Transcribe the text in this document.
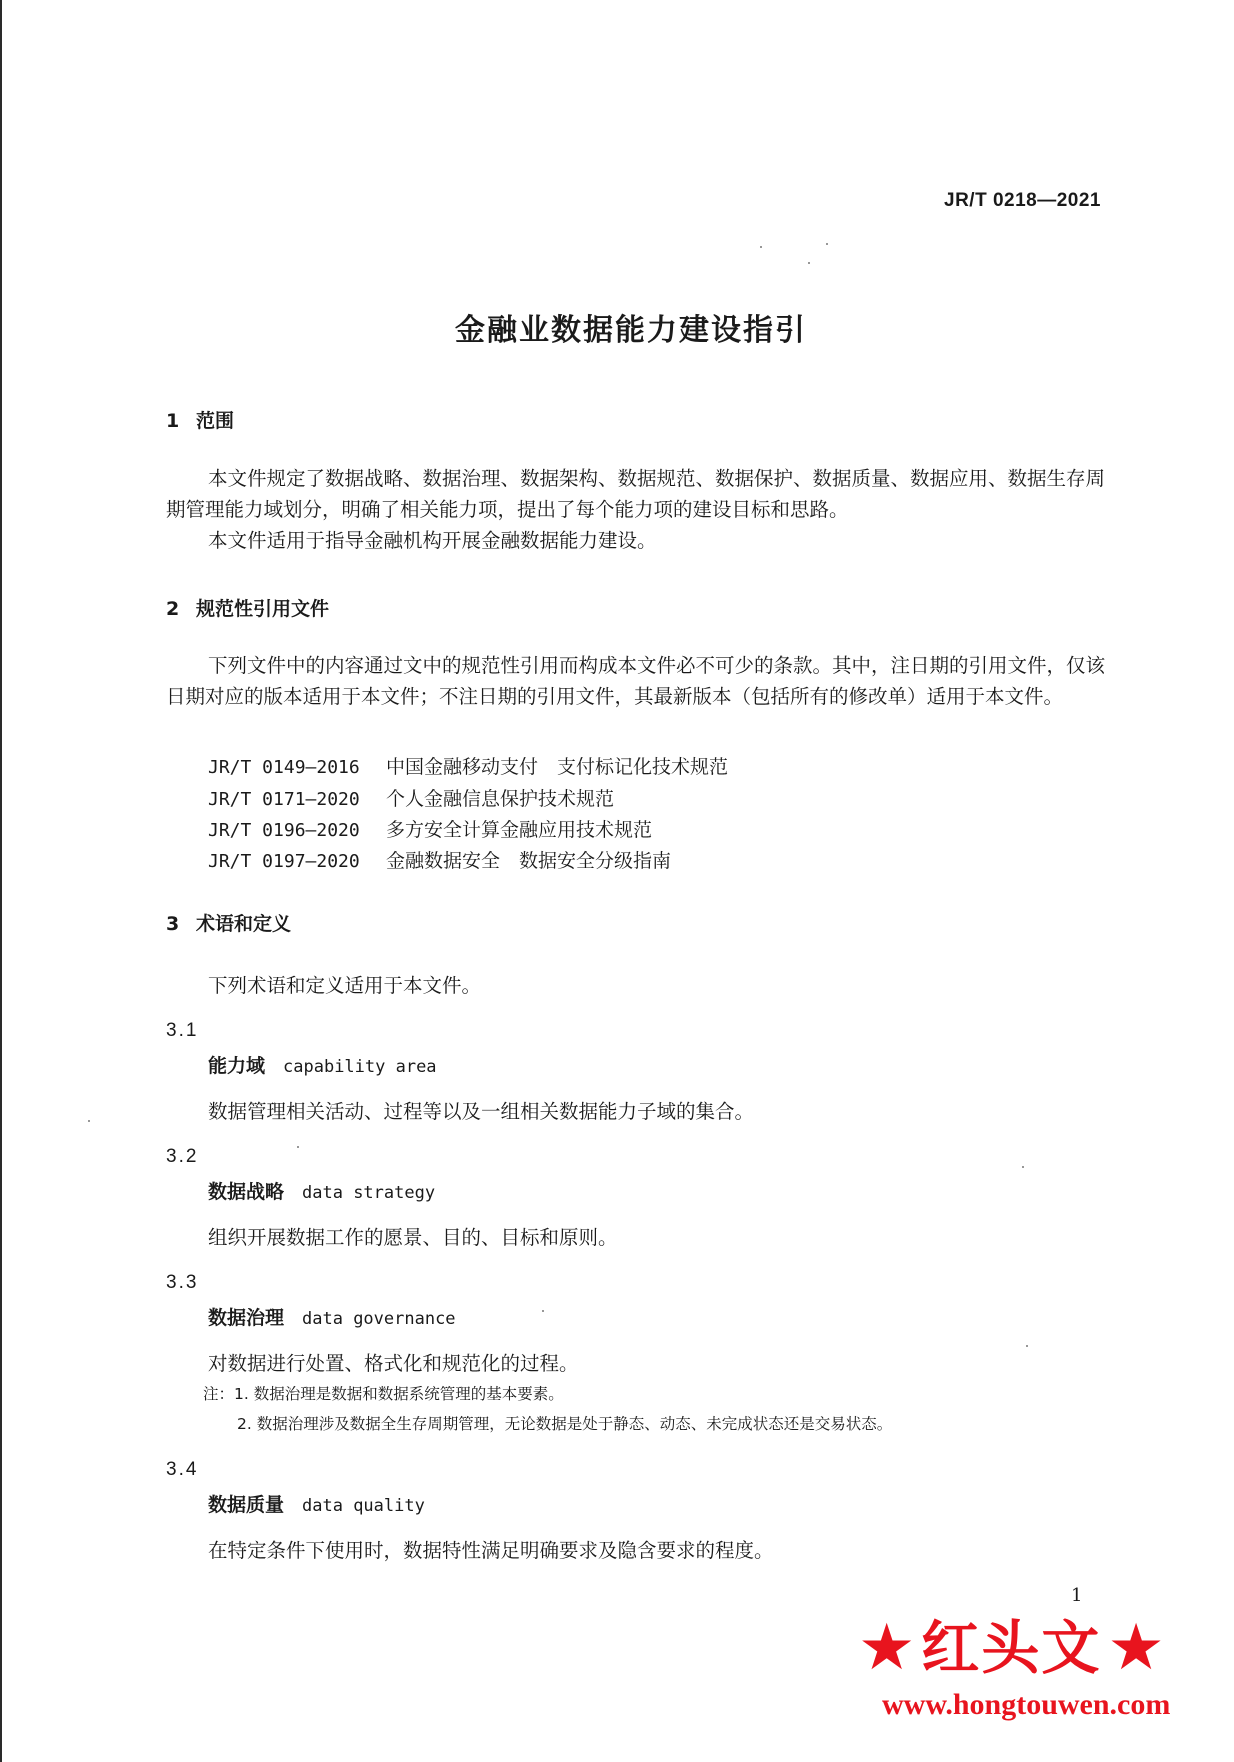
JR/T 0218—2021
金融业数据能力建设指引
1 范围
本文件规定了数据战略、数据治理、数据架构、数据规范、数据保护、数据质量、数据应用、数据生存周期管理能力域划分，明确了相关能力项，提出了每个能力项的建设目标和思路。
本文件适用于指导金融机构开展金融数据能力建设。
2 规范性引用文件
下列文件中的内容通过文中的规范性引用而构成本文件必不可少的条款。其中，注日期的引用文件，仅该日期对应的版本适用于本文件；不注日期的引用文件，其最新版本（包括所有的修改单）适用于本文件。
JR/T 0149—2016 中国金融移动支付　支付标记化技术规范
JR/T 0171—2020 个人金融信息保护技术规范
JR/T 0196—2020 多方安全计算金融应用技术规范
JR/T 0197—2020 金融数据安全　数据安全分级指南
3 术语和定义
下列术语和定义适用于本文件。
3.1
能力域 capability area
数据管理相关活动、过程等以及一组相关数据能力子域的集合。
3.2
数据战略 data strategy
组织开展数据工作的愿景、目的、目标和原则。
3.3
数据治理 data governance
对数据进行处置、格式化和规范化的过程。
注：1. 数据治理是数据和数据系统管理的基本要素。
2. 数据治理涉及数据全生存周期管理，无论数据是处于静态、动态、未完成状态还是交易状态。
3.4
数据质量 data quality
在特定条件下使用时，数据特性满足明确要求及隐含要求的程度。
1
★ 红头文 ★
www.hongtouwen.com
